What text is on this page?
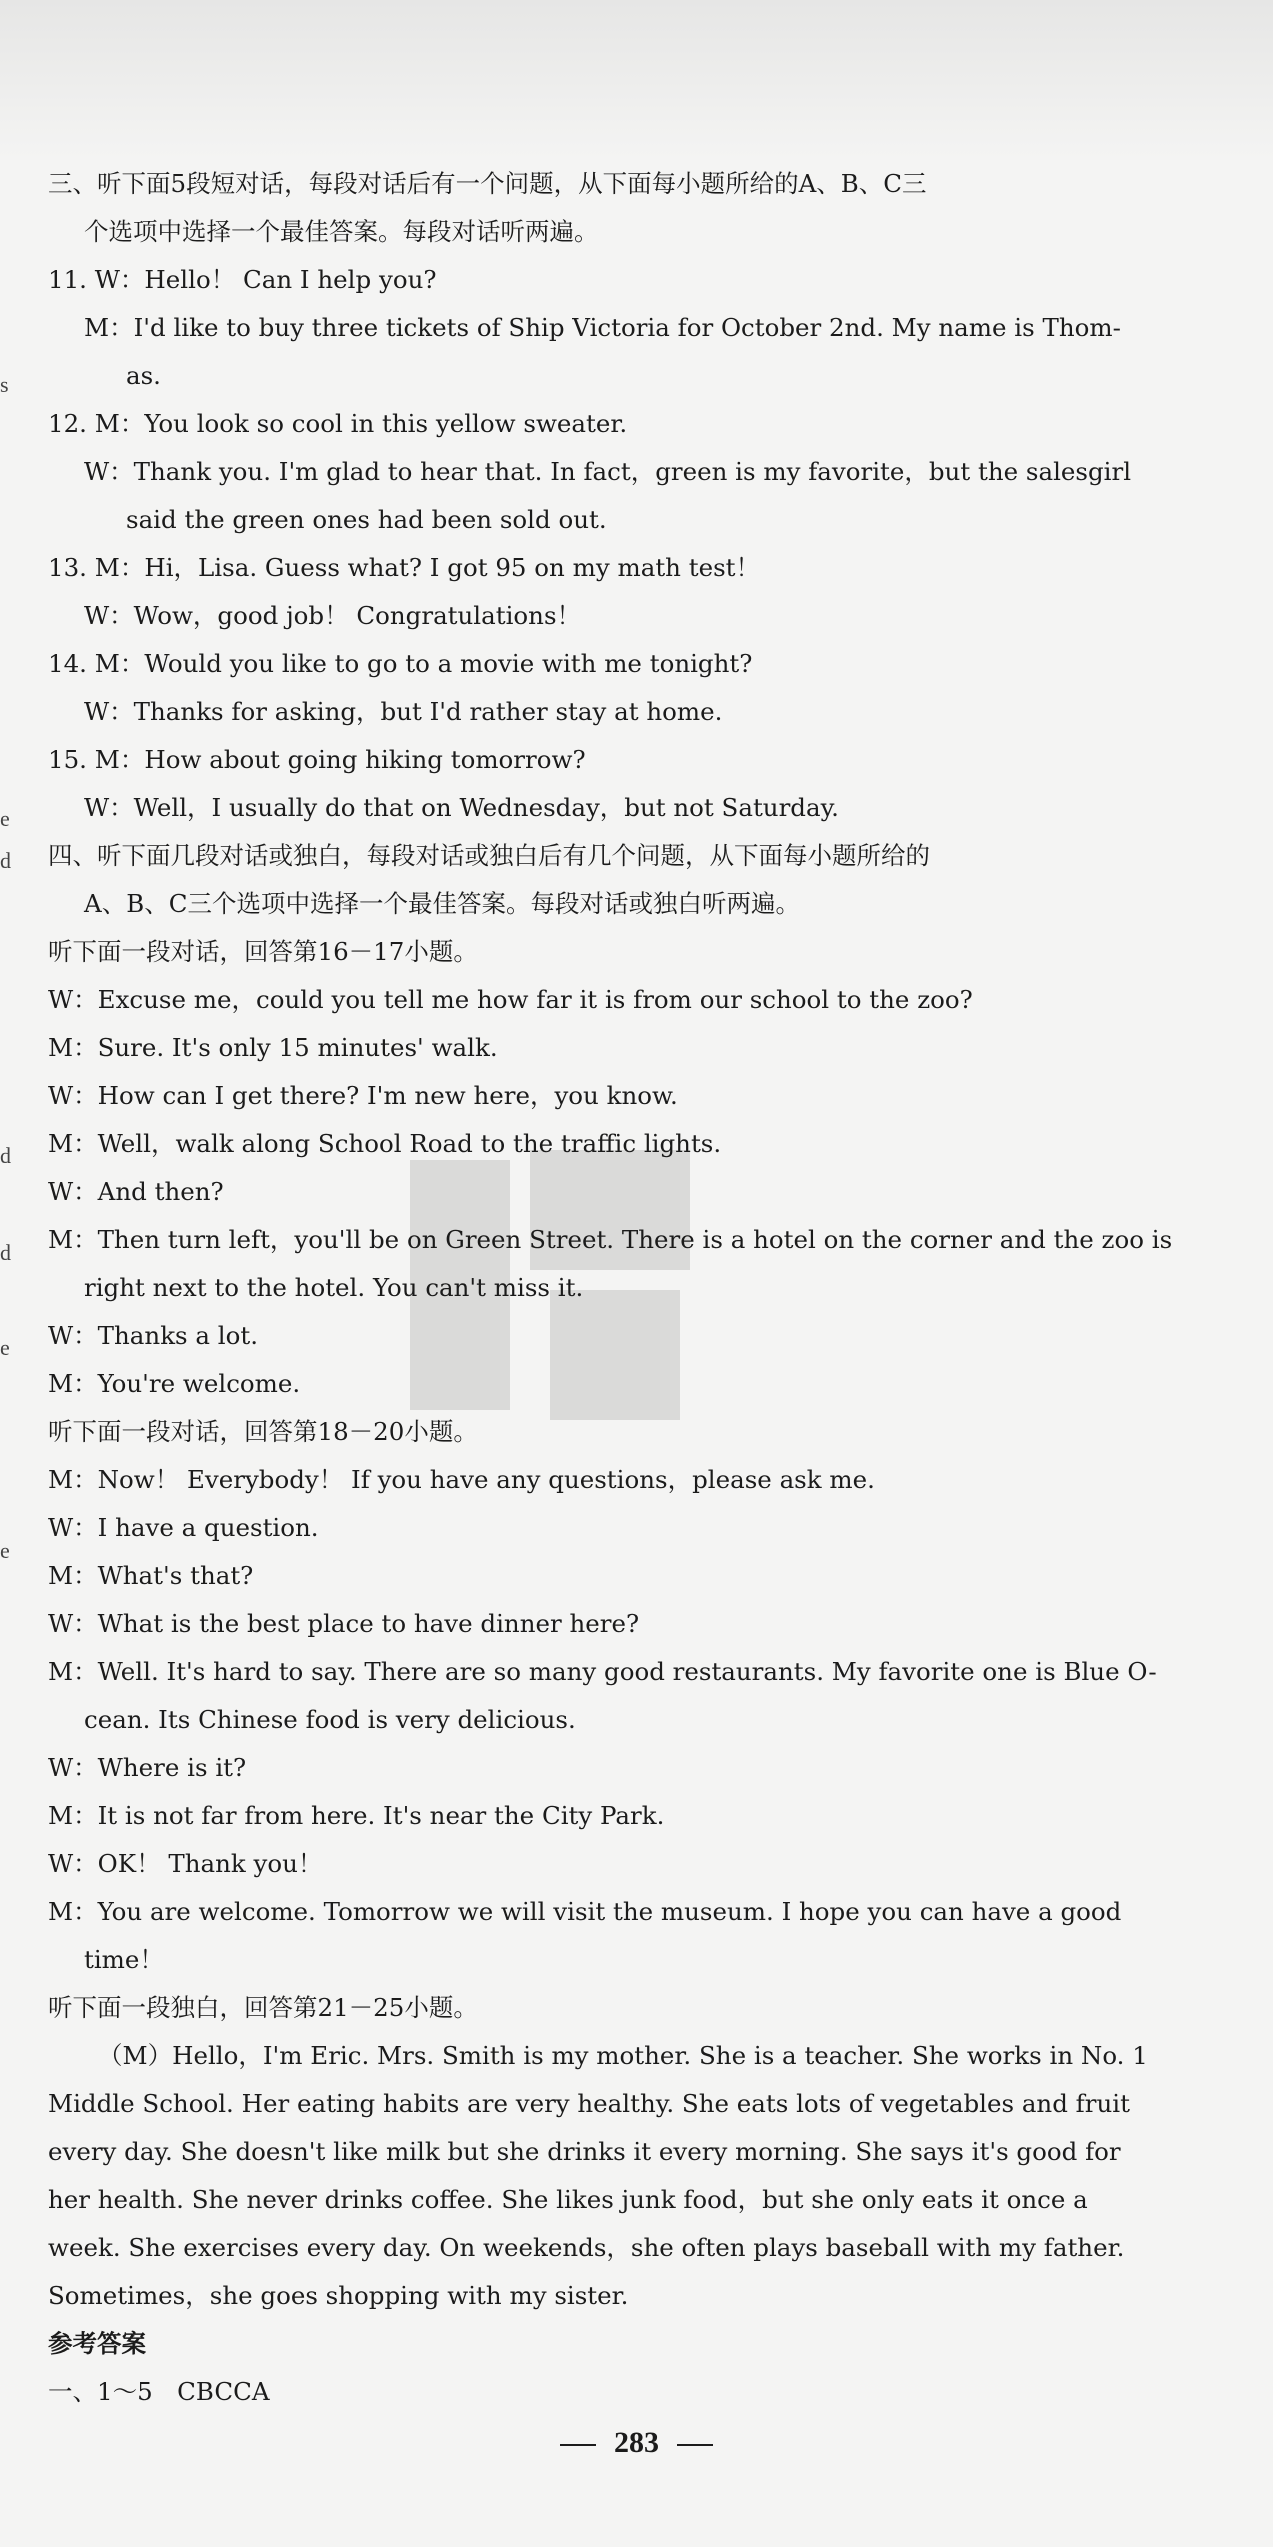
s
e
d
d
d
e
e
三、听下面5段短对话，每段对话后有一个问题，从下面每小题所给的A、B、C三
个选项中选择一个最佳答案。每段对话听两遍。
11. W：Hello！ Can I help you?
M：I'd like to buy three tickets of Ship Victoria for October 2nd. My name is Thom-
as.
12. M：You look so cool in this yellow sweater.
W：Thank you. I'm glad to hear that. In fact，green is my favorite，but the salesgirl
said the green ones had been sold out.
13. M：Hi，Lisa. Guess what? I got 95 on my math test！
W：Wow，good job！ Congratulations！
14. M：Would you like to go to a movie with me tonight?
W：Thanks for asking，but I'd rather stay at home.
15. M：How about going hiking tomorrow?
W：Well，I usually do that on Wednesday，but not Saturday.
四、听下面几段对话或独白，每段对话或独白后有几个问题，从下面每小题所给的
A、B、C三个选项中选择一个最佳答案。每段对话或独白听两遍。
听下面一段对话，回答第16－17小题。
W：Excuse me，could you tell me how far it is from our school to the zoo?
M：Sure. It's only 15 minutes' walk.
W：How can I get there? I'm new here，you know.
M：Well，walk along School Road to the traffic lights.
W：And then?
M：Then turn left，you'll be on Green Street. There is a hotel on the corner and the zoo is
right next to the hotel. You can't miss it.
W：Thanks a lot.
M：You're welcome.
听下面一段对话，回答第18－20小题。
M：Now！ Everybody！ If you have any questions，please ask me.
W：I have a question.
M：What's that?
W：What is the best place to have dinner here?
M：Well. It's hard to say. There are so many good restaurants. My favorite one is Blue O-
cean. Its Chinese food is very delicious.
W：Where is it?
M：It is not far from here. It's near the City Park.
W：OK！ Thank you！
M：You are welcome. Tomorrow we will visit the museum. I hope you can have a good
time！
听下面一段独白，回答第21－25小题。
（M）Hello，I'm Eric. Mrs. Smith is my mother. She is a teacher. She works in No. 1
Middle School. Her eating habits are very healthy. She eats lots of vegetables and fruit
every day. She doesn't like milk but she drinks it every morning. She says it's good for
her health. She never drinks coffee. She likes junk food，but she only eats it once a
week. She exercises every day. On weekends，she often plays baseball with my father.
Sometimes，she goes shopping with my sister.
参考答案
一、1～5　CBCCA
283
